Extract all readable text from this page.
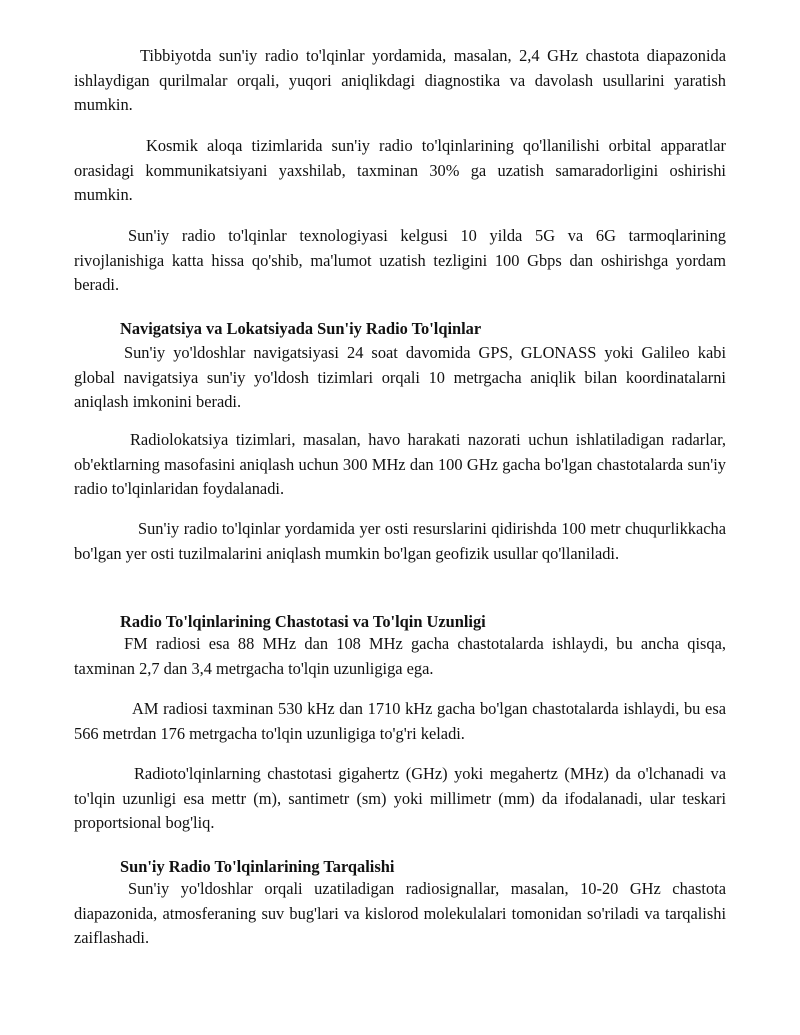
Tibbiyotda sun'iy radio to'lqinlar yordamida, masalan, 2,4 GHz chastota diapazonida ishlaydigan qurilmalar orqali, yuqori aniqlikdagi diagnostika va davolash usullarini yaratish mumkin.

Kosmik aloqa tizimlarida sun'iy radio to'lqinlarining qo'llanilishi orbital apparatlar orasidagi kommunikatsiyani yaxshilab, taxminan 30% ga uzatish samaradorligini oshirishi mumkin.

Sun'iy radio to'lqinlar texnologiyasi kelgusi 10 yilda 5G va 6G tarmoqlarining rivojlanishiga katta hissa qo'shib, ma'lumot uzatish tezligini 100 Gbps dan oshirishga yordam beradi.

Navigatsiya va Lokatsiyada Sun'iy Radio To'lqinlar

Sun'iy yo'ldoshlar navigatsiyasi 24 soat davomida GPS, GLONASS yoki Galileo kabi global navigatsiya sun'iy yo'ldosh tizimlari orqali 10 metrgacha aniqlik bilan koordinatalarni aniqlash imkonini beradi.

Radiolokatsiya tizimlari, masalan, havo harakati nazorati uchun ishlatiladigan radarlar, ob'ektlarning masofasini aniqlash uchun 300 MHz dan 100 GHz gacha bo'lgan chastotalarda sun'iy radio to'lqinlaridan foydalanadi.

Sun'iy radio to'lqinlar yordamida yer osti resurslarini qidirishda 100 metr chuqurlikkacha bo'lgan yer osti tuzilmalarini aniqlash mumkin bo'lgan geofizik usullar qo'llaniladi.

Radio To'lqinlarining Chastotasi va To'lqin Uzunligi

FM radiosi esa 88 MHz dan 108 MHz gacha chastotalarda ishlaydi, bu ancha qisqa, taxminan 2,7 dan 3,4 metrgacha to'lqin uzunligiga ega.

AM radiosi taxminan 530 kHz dan 1710 kHz gacha bo'lgan chastotalarda ishlaydi, bu esa 566 metrdan 176 metrgacha to'lqin uzunligiga to'g'ri keladi.

Radioto'lqinlarning chastotasi gigahertz (GHz) yoki megahertz (MHz) da o'lchanadi va to'lqin uzunligi esa mettr (m), santimetr (sm) yoki millimetr (mm) da ifodalanadi, ular teskari proportsional bog'liq.

Sun'iy Radio To'lqinlarining Tarqalishi

Sun'iy yo'ldoshlar orqali uzatiladigan radiosignallar, masalan, 10-20 GHz chastota diapazonida, atmosferaning suv bug'lari va kislorod molekulalari tomonidan so'riladi va tarqalishi zaiflashadi.
